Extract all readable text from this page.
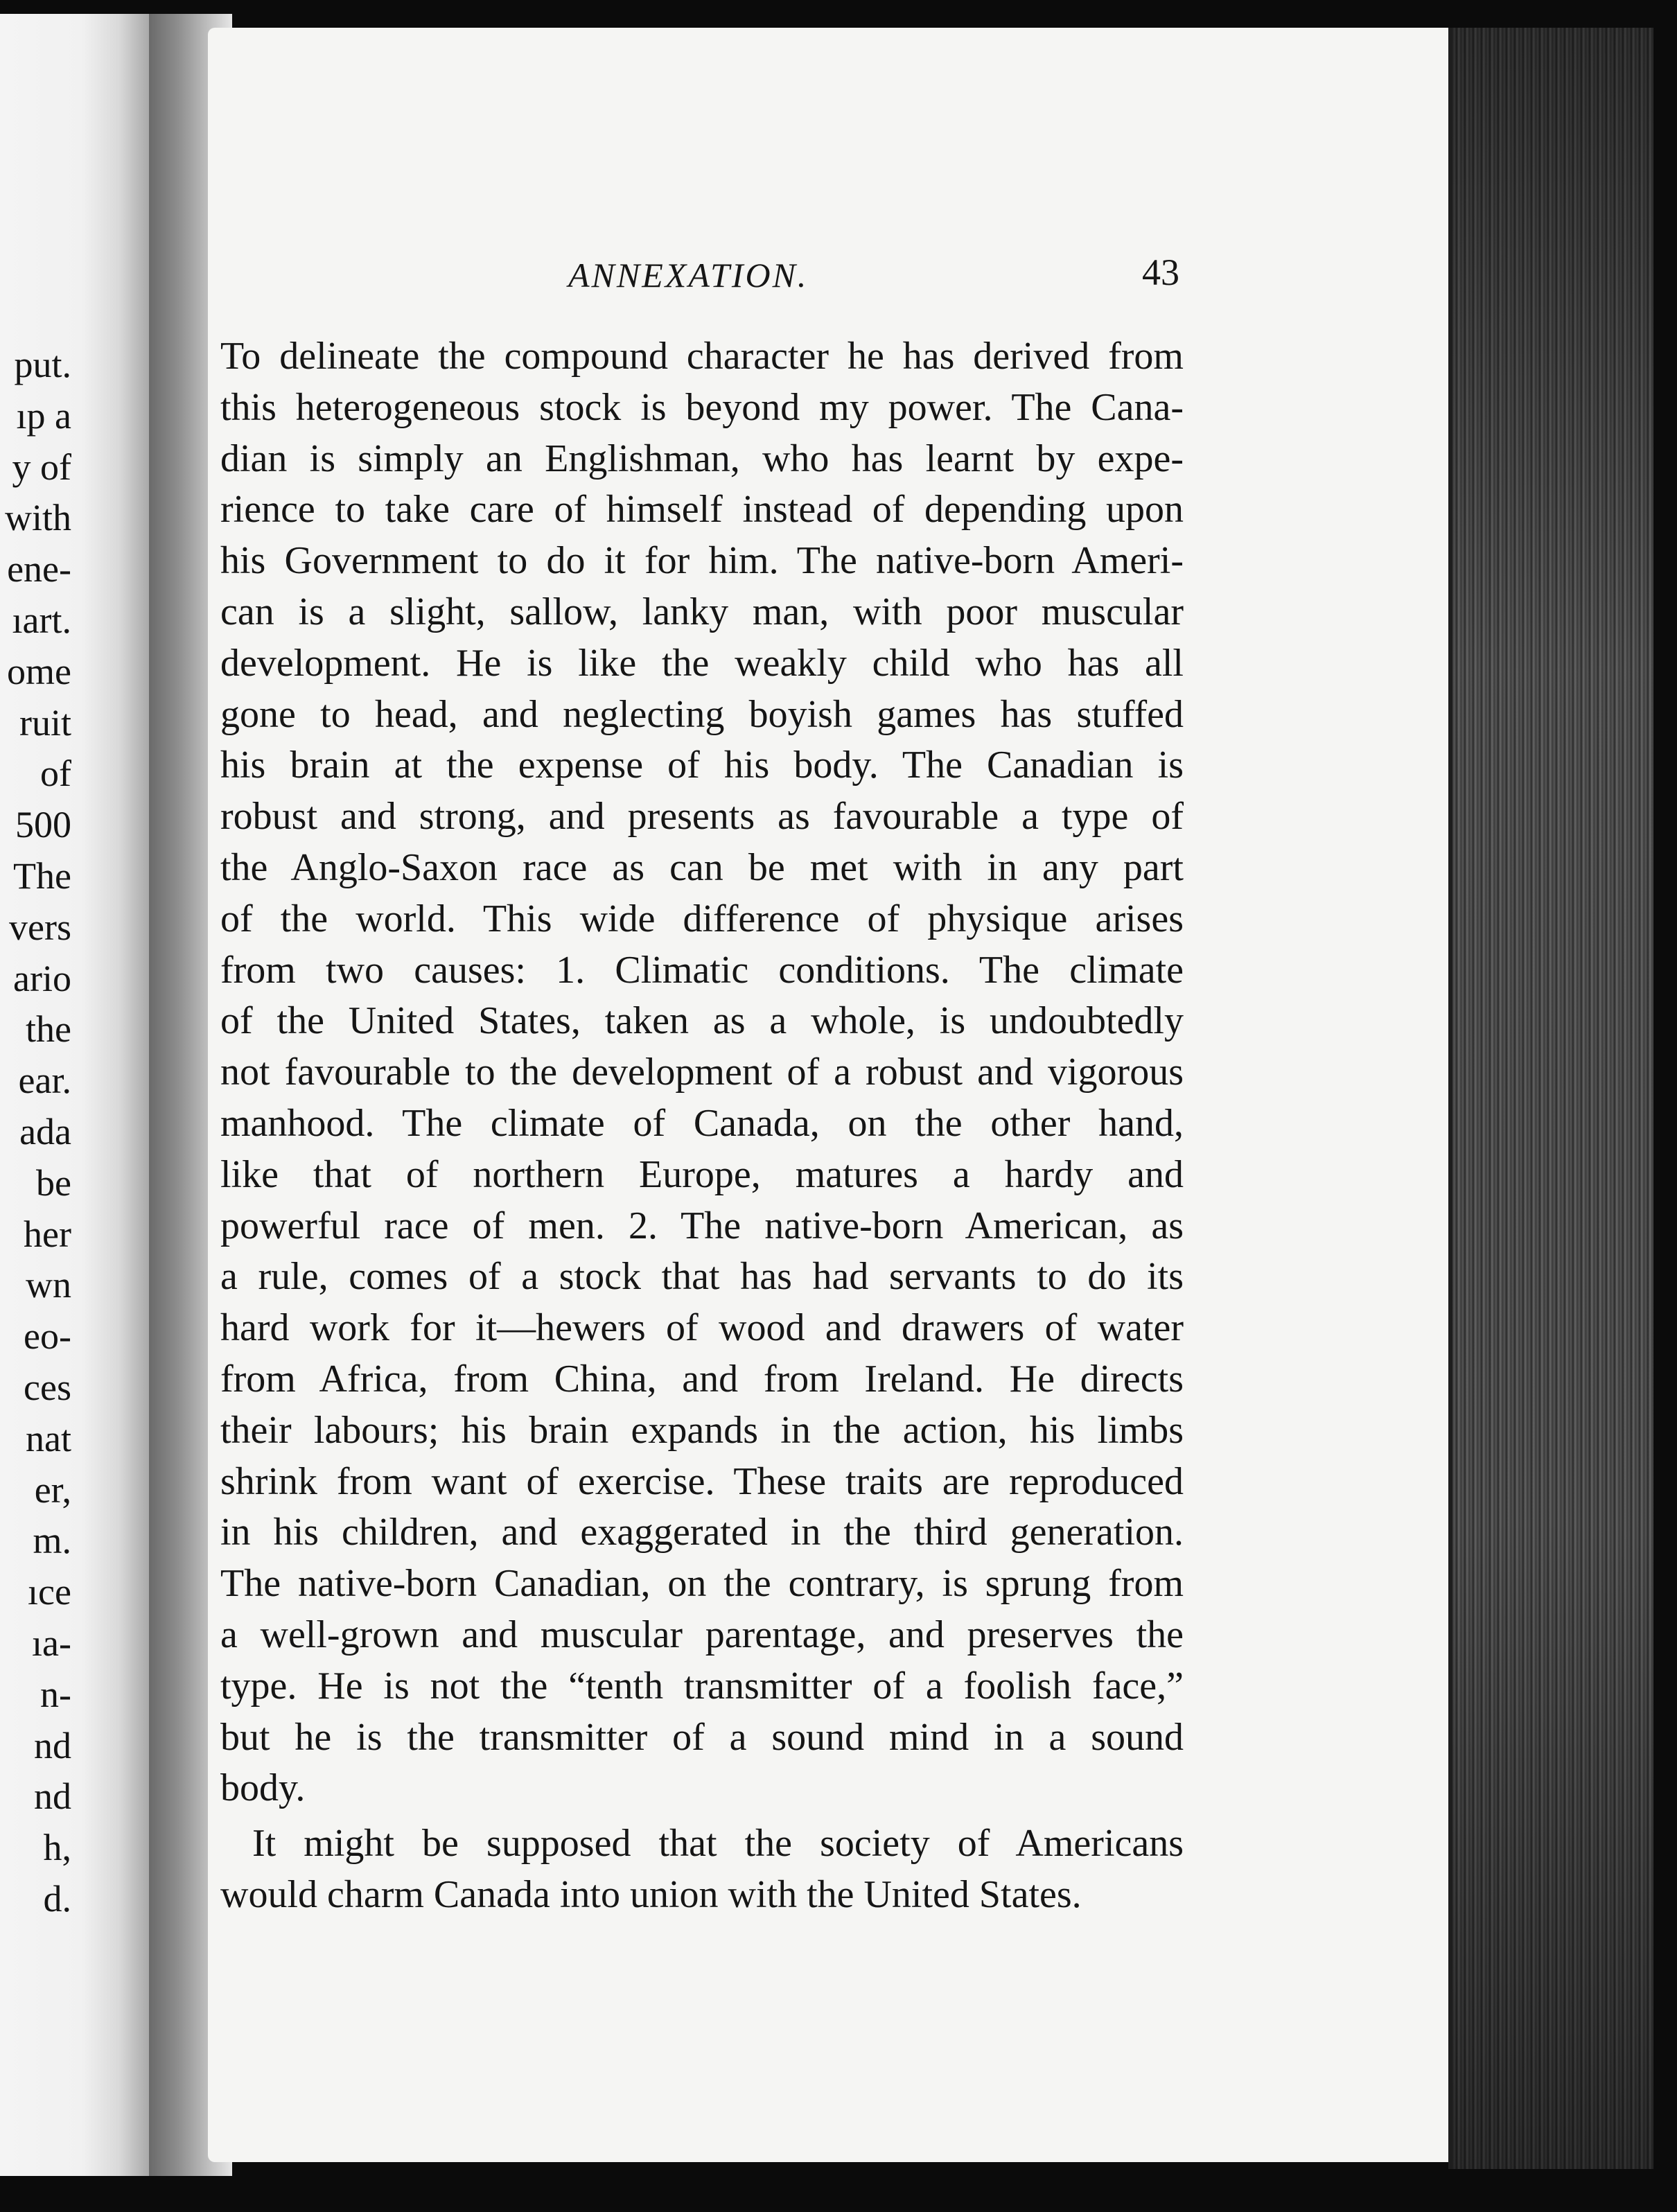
put.
ıp a
y of
with
ene-
ıart.
ome
ruit
of
500
The
vers
ario
the
ear.
ada
be
her
wn
eo-
ces
nat
er,
m.
ıce
ıa-
n-
nd
nd
h,
d.
ANNEXATION.	43
To delineate the compound character he has derived from
this heterogeneous stock is beyond my power. The Cana-
dian is simply an Englishman, who has learnt by expe-
rience to take care of himself instead of depending upon
his Government to do it for him. The native-born Ameri-
can is a slight, sallow, lanky man, with poor muscular
development. He is like the weakly child who has all
gone to head, and neglecting boyish games has stuffed
his brain at the expense of his body. The Canadian is
robust and strong, and presents as favourable a type of
the Anglo-Saxon race as can be met with in any part
of the world. This wide difference of physique arises
from two causes: 1. Climatic conditions. The climate
of the United States, taken as a whole, is undoubtedly
not favourable to the development of a robust and vigorous
manhood. The climate of Canada, on the other hand,
like that of northern Europe, matures a hardy and
powerful race of men. 2. The native-born American, as
a rule, comes of a stock that has had servants to do its
hard work for it—hewers of wood and drawers of water
from Africa, from China, and from Ireland. He directs
their labours; his brain expands in the action, his limbs
shrink from want of exercise. These traits are reproduced
in his children, and exaggerated in the third generation.
The native-born Canadian, on the contrary, is sprung from
a well-grown and muscular parentage, and preserves the
type. He is not the “tenth transmitter of a foolish face,”
but he is the transmitter of a sound mind in a sound
body.
It might be supposed that the society of Americans
would charm Canada into union with the United States.
